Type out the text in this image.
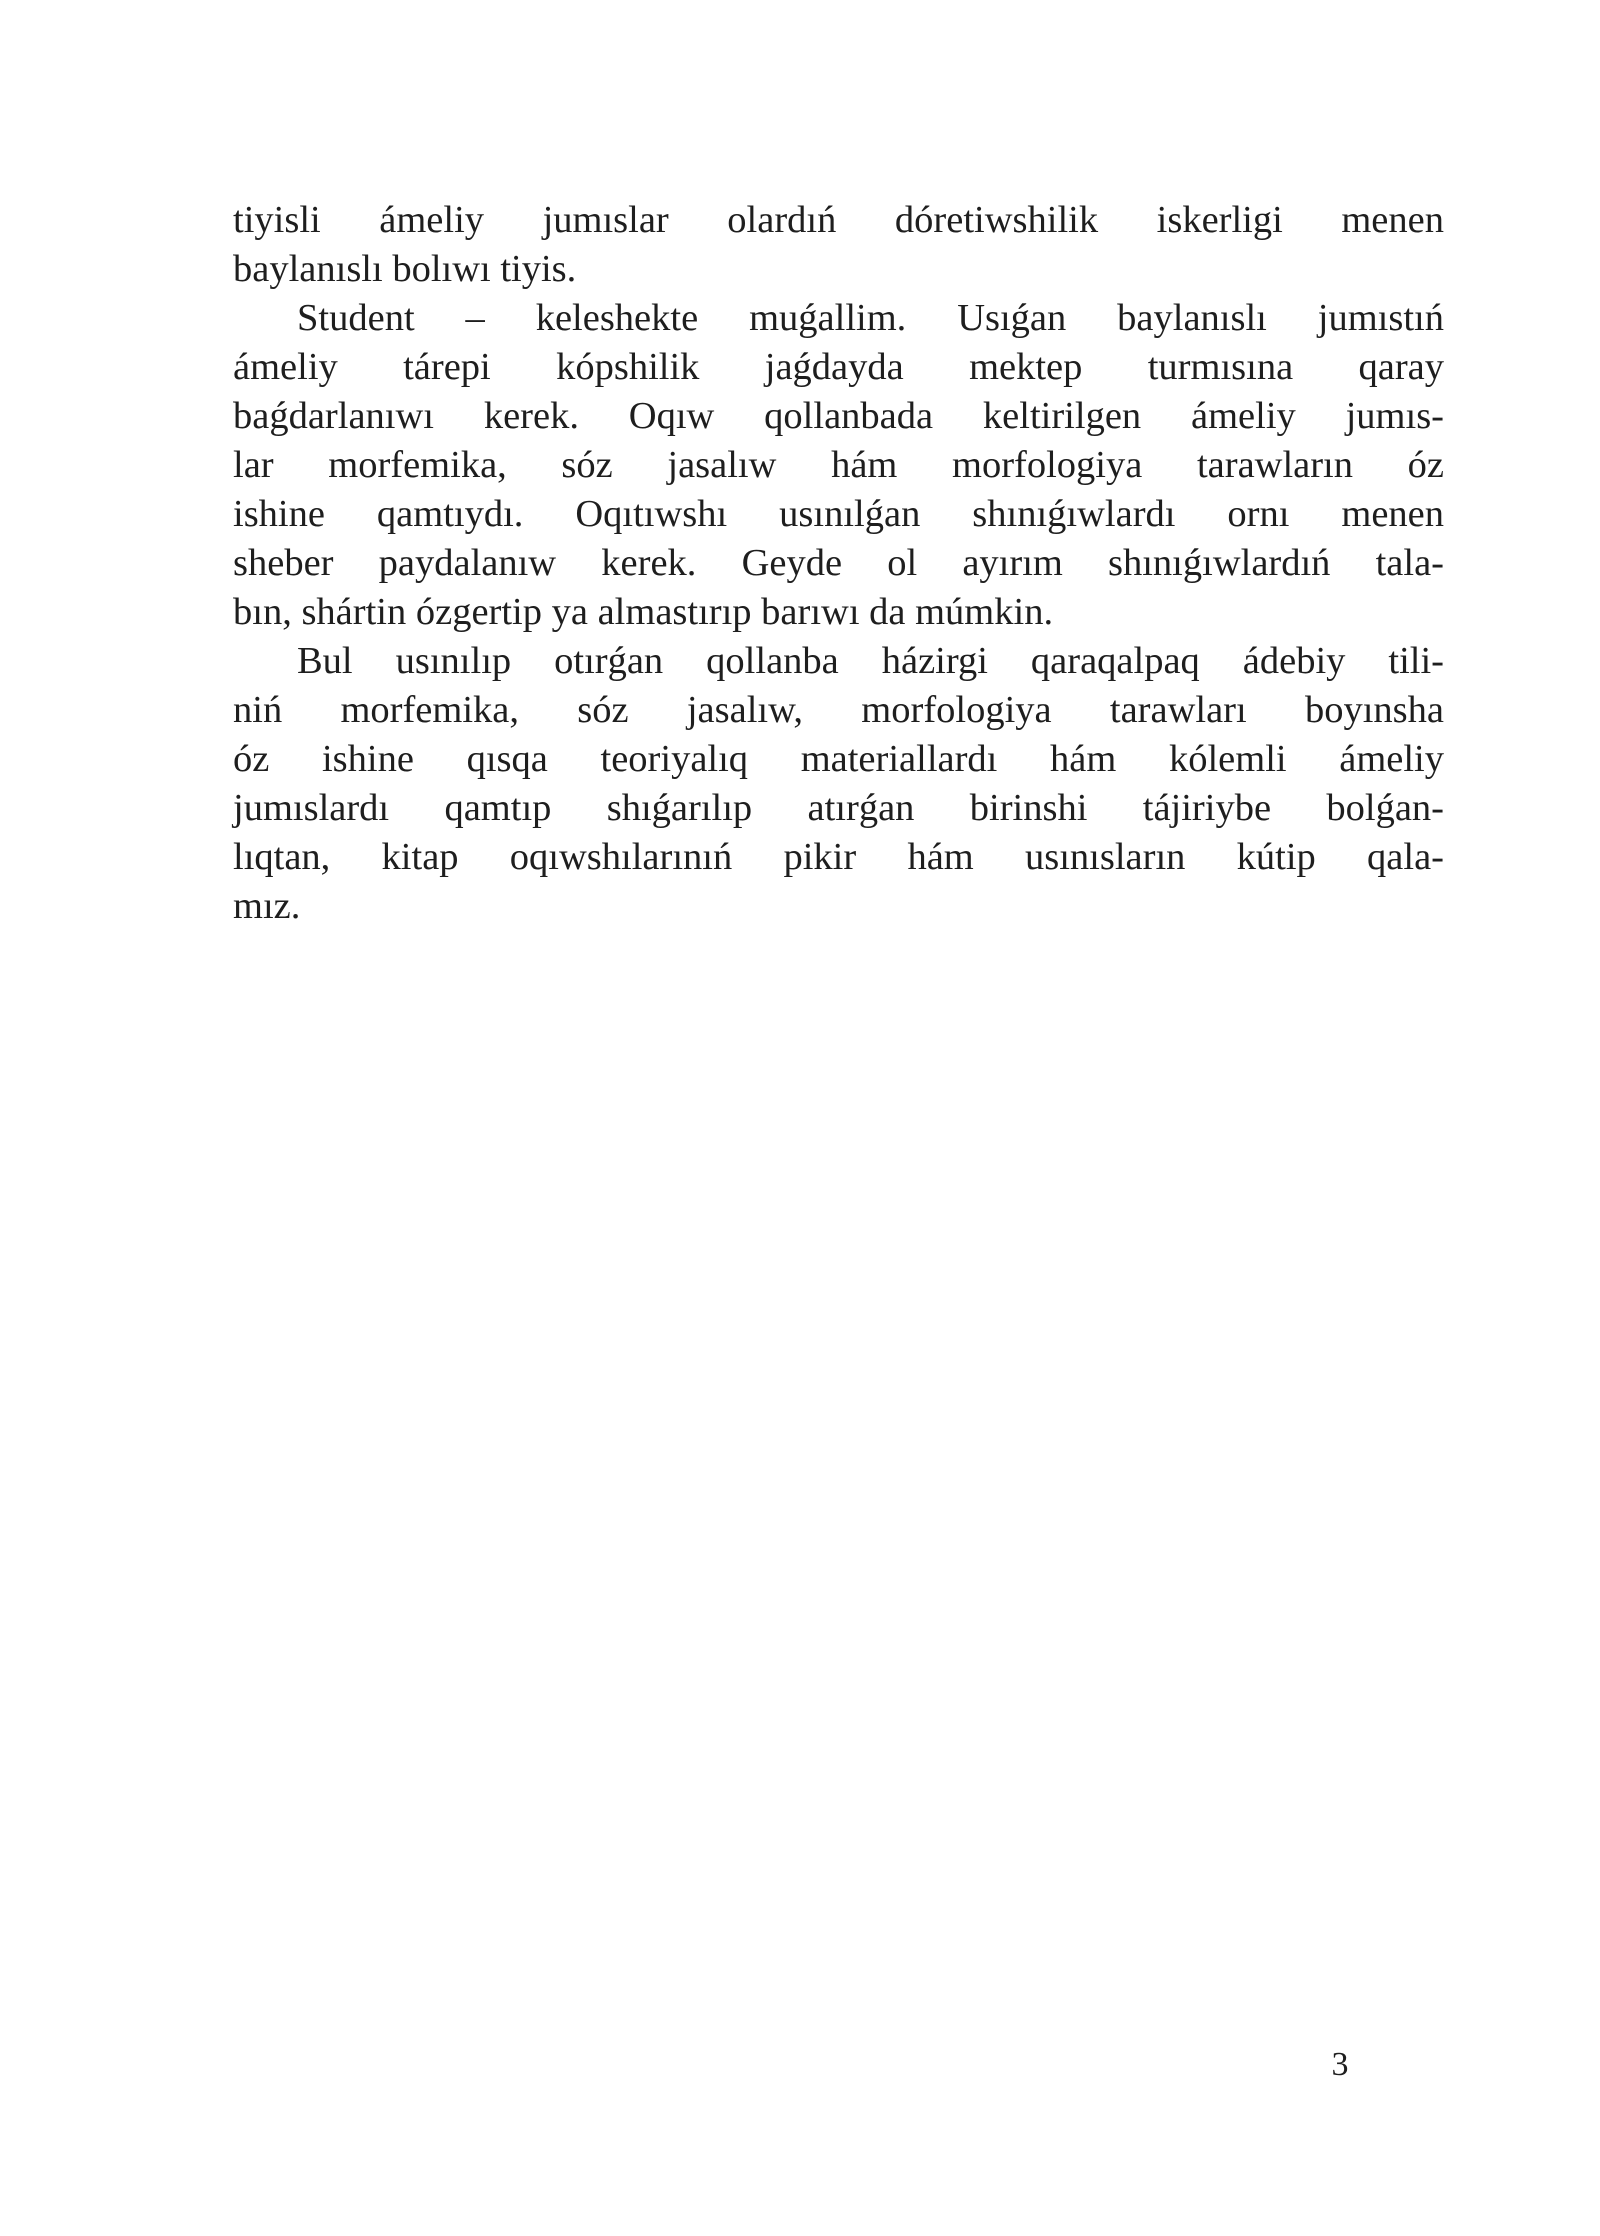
tiyisli ámeliy jumıslar olardıń dóretiwshilik iskerligi menen
baylanıslı bolıwı tiyis.
Student – keleshekte muǵallim. Usıǵan baylanıslı jumıstıń
ámeliy tárepi kópshilik jaǵdayda mektep turmısına qaray
baǵdarlanıwı kerek. Oqıw qollanbada keltirilgen ámeliy jumıs-
lar morfemika, sóz jasalıw hám morfologiya tarawların óz
ishine qamtıydı. Oqıtıwshı usınılǵan shınıǵıwlardı ornı menen
sheber paydalanıw kerek. Geyde ol ayırım shınıǵıwlardıń tala-
bın, shártin ózgertip ya almastırıp barıwı da múmkin.
Bul usınılıp otırǵan qollanba házirgi qaraqalpaq ádebiy tili-
niń morfemika, sóz jasalıw, morfologiya tarawları boyınsha
óz ishine qısqa teoriyalıq materiallardı hám kólemli ámeliy
jumıslardı qamtıp shıǵarılıp atırǵan birinshi tájiriybe bolǵan-
lıqtan, kitap oqıwshılarınıń pikir hám usınısların kútip qala-
mız.
3
